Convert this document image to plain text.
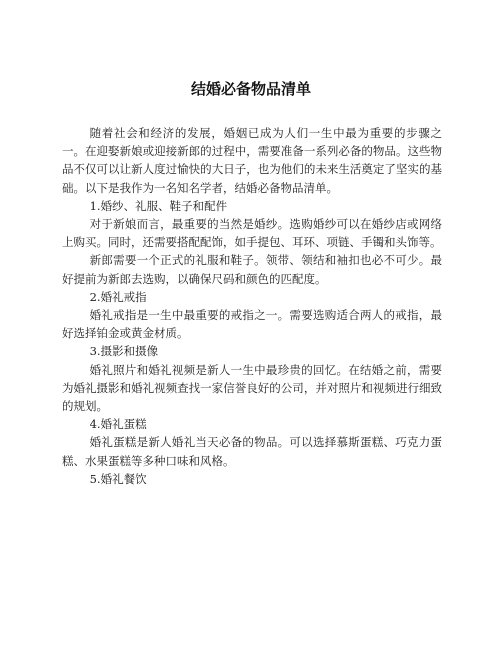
结婚必备物品清单

随着社会和经济的发展，婚姻已成为人们一生中最为重要的步骤之一。在迎娶新娘或迎接新郎的过程中，需要准备一系列必备的物品。这些物品不仅可以让新人度过愉快的大日子，也为他们的未来生活奠定了坚实的基础。以下是我作为一名知名学者，结婚必备物品清单。

1.婚纱、礼服、鞋子和配件

对于新娘而言，最重要的当然是婚纱。选购婚纱可以在婚纱店或网络上购买。同时，还需要搭配配饰，如手提包、耳环、项链、手镯和头饰等。

新郎需要一个正式的礼服和鞋子。领带、领结和袖扣也必不可少。最好提前为新郎去选购，以确保尺码和颜色的匹配度。

2.婚礼戒指

婚礼戒指是一生中最重要的戒指之一。需要选购适合两人的戒指，最好选择铂金或黄金材质。

3.摄影和摄像

婚礼照片和婚礼视频是新人一生中最珍贵的回忆。在结婚之前，需要为婚礼摄影和婚礼视频查找一家信誉良好的公司，并对照片和视频进行细致的规划。

4.婚礼蛋糕

婚礼蛋糕是新人婚礼当天必备的物品。可以选择慕斯蛋糕、巧克力蛋糕、水果蛋糕等多种口味和风格。

5.婚礼餐饮
